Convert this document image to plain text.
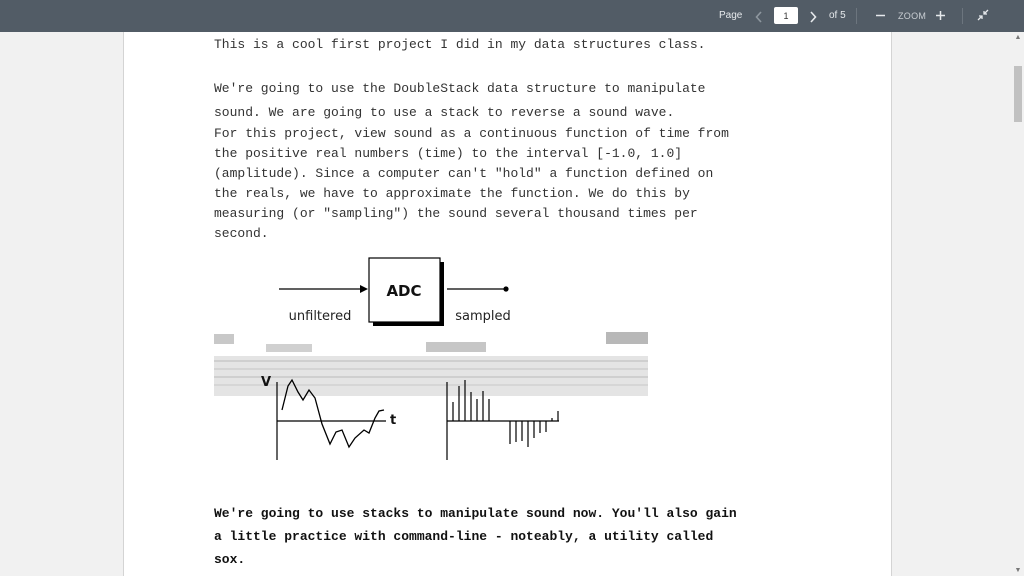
Page
1	of 5	ZOOM
This is a cool first project I did in my data structures class.
We're going to use the DoubleStack data structure to manipulate
sound. We are going to use a stack to reverse a sound wave.
For this project, view sound as a continuous function of time from
the positive real numbers (time) to the interval [-1.0, 1.0]
(amplitude). Since a computer can't "hold" a function defined on
the reals, we have to approximate the function. We do this by
measuring (or "sampling") the sound several thousand times per
second.
ADC
unfiltered	sampled
V
t
We're going to use stacks to manipulate sound now. You'll also gain
a little practice with command-line - noteably, a utility called
sox.
▲
▼
